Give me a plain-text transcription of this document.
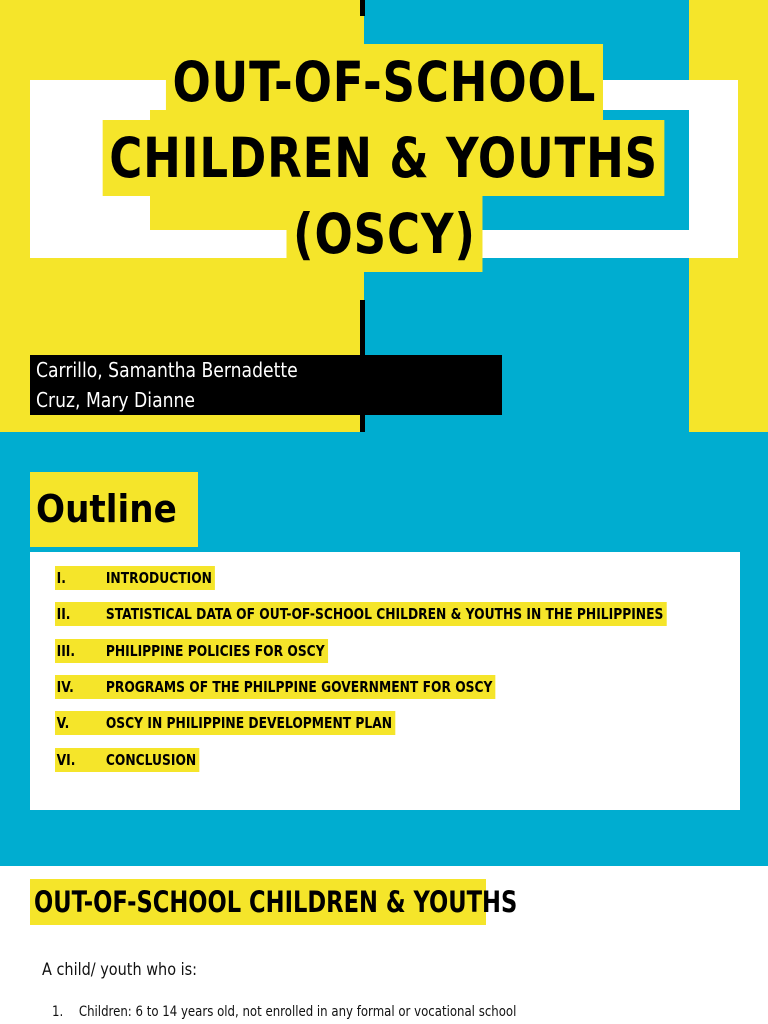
OUT-OF-SCHOOL
CHILDREN & YOUTHS
(OSCY)
Carrillo, Samantha Bernadette
Cruz, Mary Dianne
Outline
I.	INTRODUCTION
II.	STATISTICAL DATA OF OUT-OF-SCHOOL CHILDREN & YOUTHS IN THE PHILIPPINES
III.	PHILIPPINE POLICIES FOR OSCY
IV.	PROGRAMS OF THE PHILPPINE GOVERNMENT FOR OSCY
V.	OSCY IN PHILIPPINE DEVELOPMENT PLAN
VI.	CONCLUSION
OUT-OF-SCHOOL CHILDREN & YOUTHS

A child/ youth who is:

1. Children: 6 to 14 years old, not enrolled in any formal or vocational school
